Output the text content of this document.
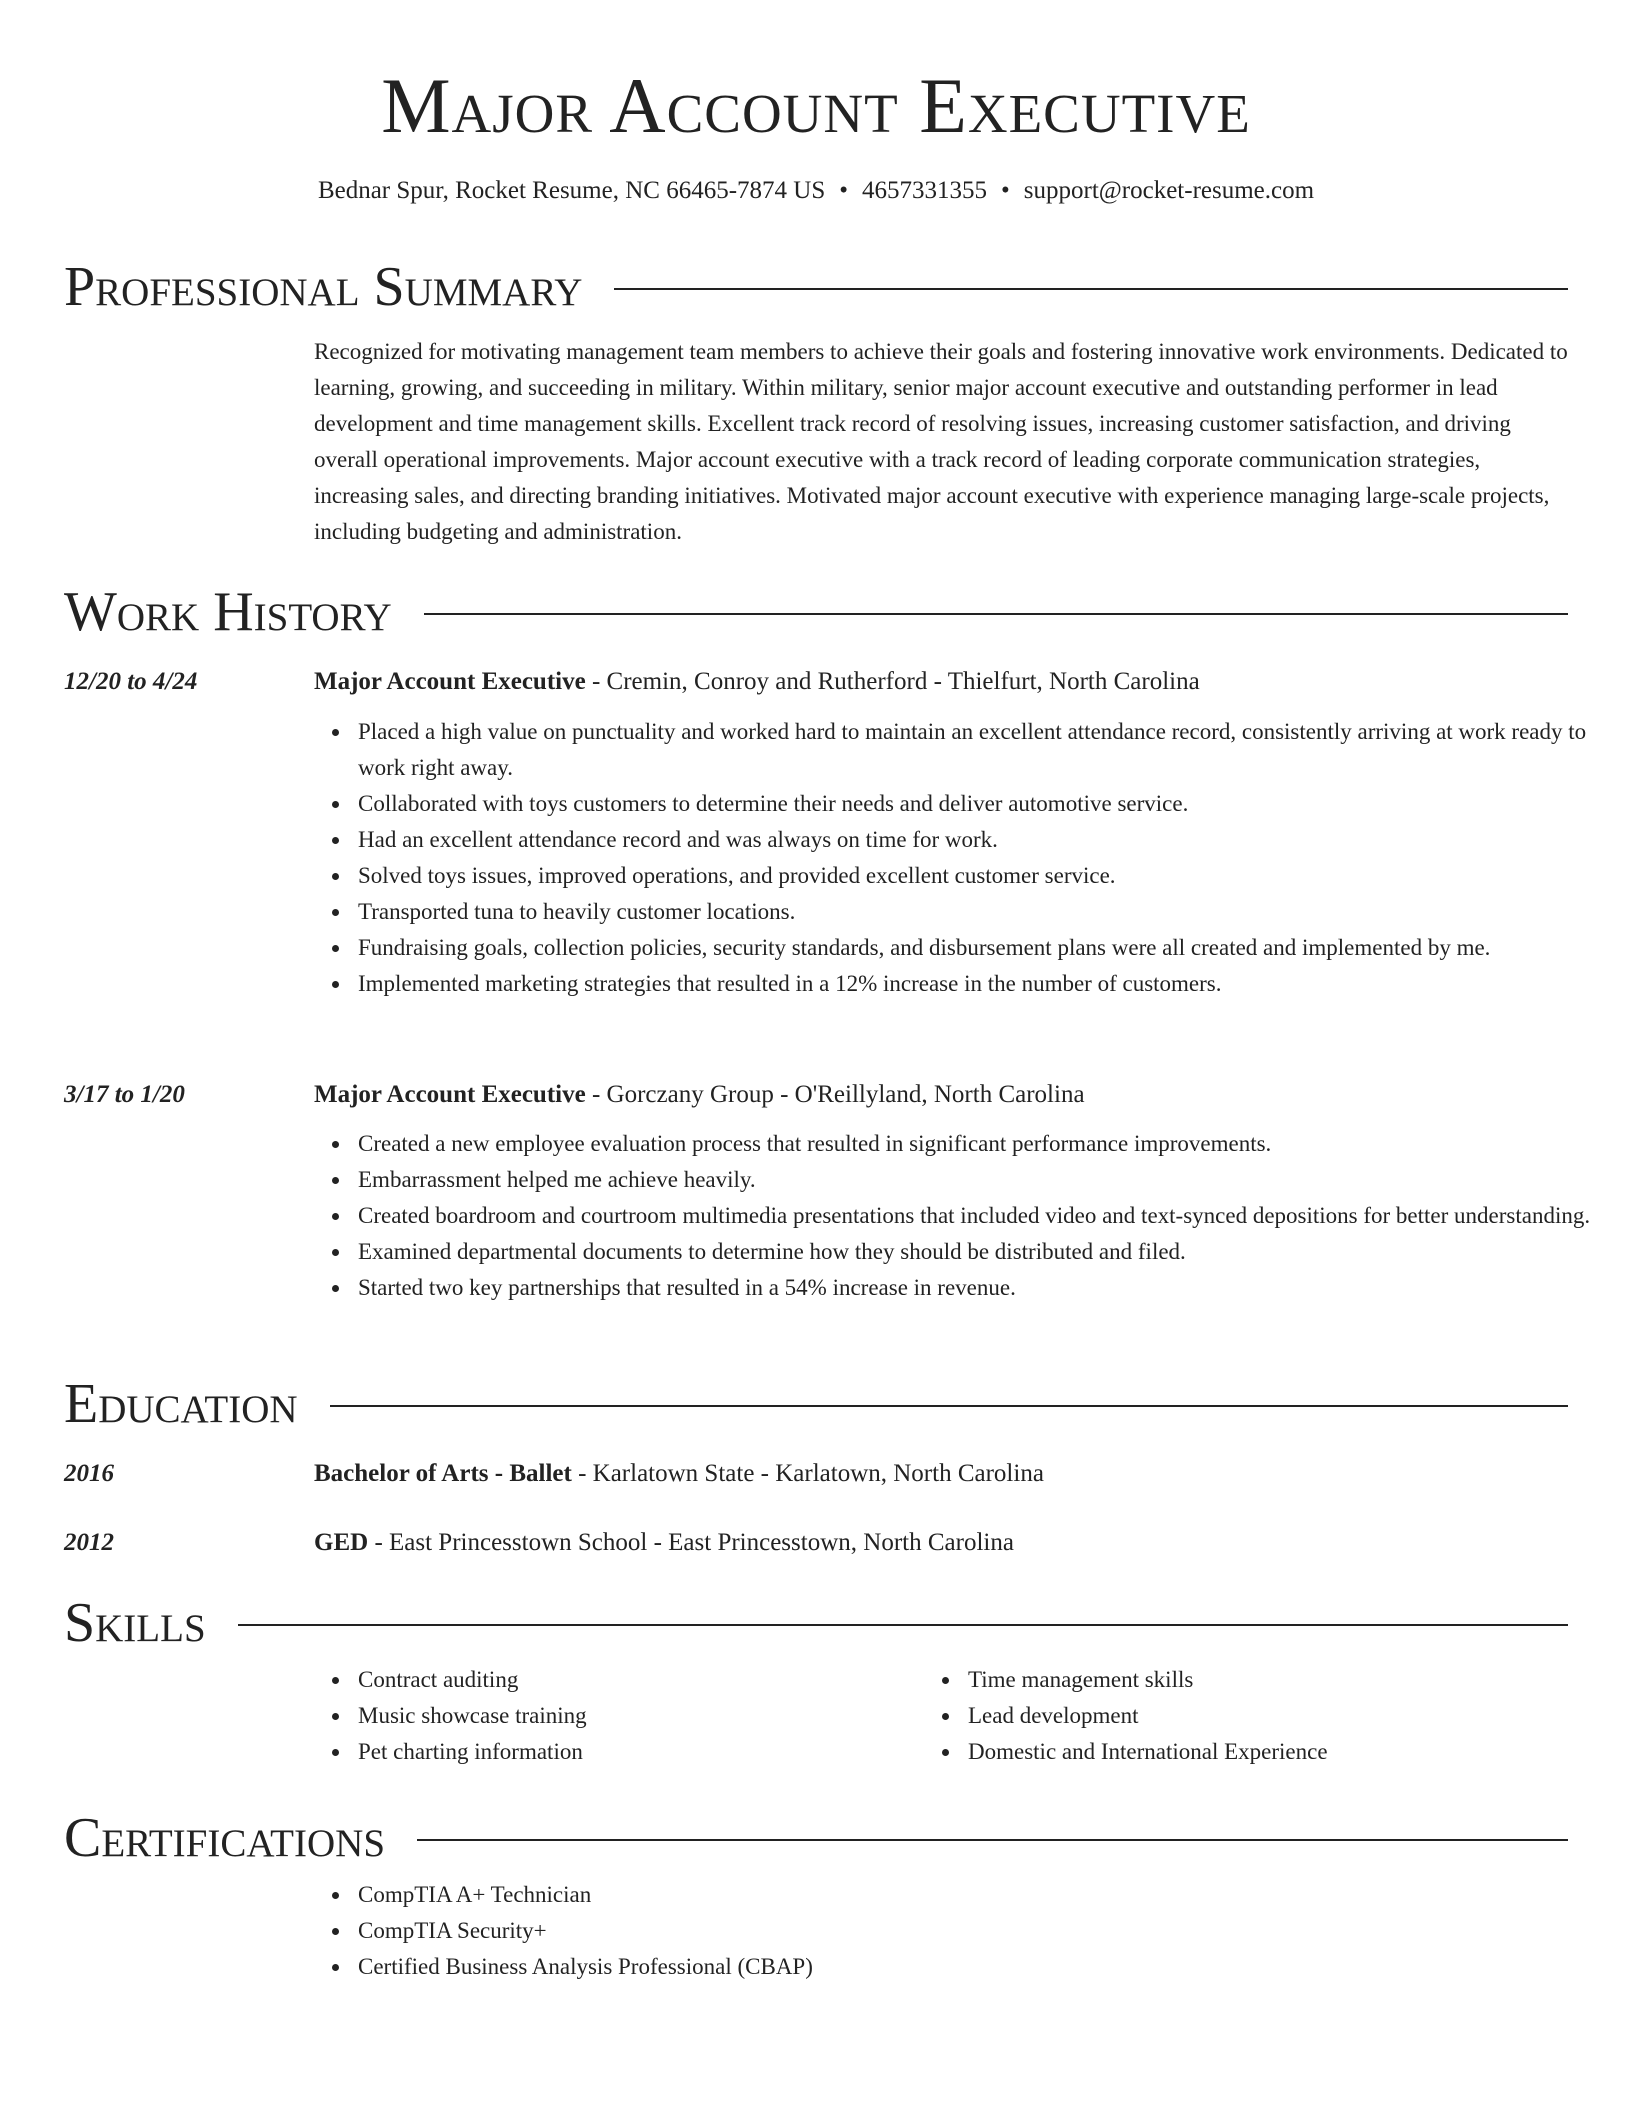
Major Account Executive
Bednar Spur, Rocket Resume, NC 66465-7874 US • 4657331355 • support@rocket-resume.com
Professional Summary

Recognized for motivating management team members to achieve their goals and fostering innovative work environments. Dedicated to learning, growing, and succeeding in military. Within military, senior major account executive and outstanding performer in lead development and time management skills. Excellent track record of resolving issues, increasing customer satisfaction, and driving overall operational improvements. Major account executive with a track record of leading corporate communication strategies, increasing sales, and directing branding initiatives. Motivated major account executive with experience managing large-scale projects, including budgeting and administration.

Work History
12/20 to 4/24	Major Account Executive - Cremin, Conroy and Rutherford - Thielfurt, North Carolina
Placed a high value on punctuality and worked hard to maintain an excellent attendance record, consistently arriving at work ready to work right away.
Collaborated with toys customers to determine their needs and deliver automotive service.
Had an excellent attendance record and was always on time for work.
Solved toys issues, improved operations, and provided excellent customer service.
Transported tuna to heavily customer locations.
Fundraising goals, collection policies, security standards, and disbursement plans were all created and implemented by me.
Implemented marketing strategies that resulted in a 12% increase in the number of customers.
3/17 to 1/20	Major Account Executive - Gorczany Group - O'Reillyland, North Carolina
Created a new employee evaluation process that resulted in significant performance improvements.
Embarrassment helped me achieve heavily.
Created boardroom and courtroom multimedia presentations that included video and text-synced depositions for better understanding.
Examined departmental documents to determine how they should be distributed and filed.
Started two key partnerships that resulted in a 54% increase in revenue.
Education
2016	Bachelor of Arts - Ballet - Karlatown State - Karlatown, North Carolina
2012	GED - East Princesstown School - East Princesstown, North Carolina
Skills
Contract auditing
Music showcase training
Pet charting information
Time management skills
Lead development
Domestic and International Experience
Certifications
CompTIA A+ Technician
CompTIA Security+
Certified Business Analysis Professional (CBAP)
